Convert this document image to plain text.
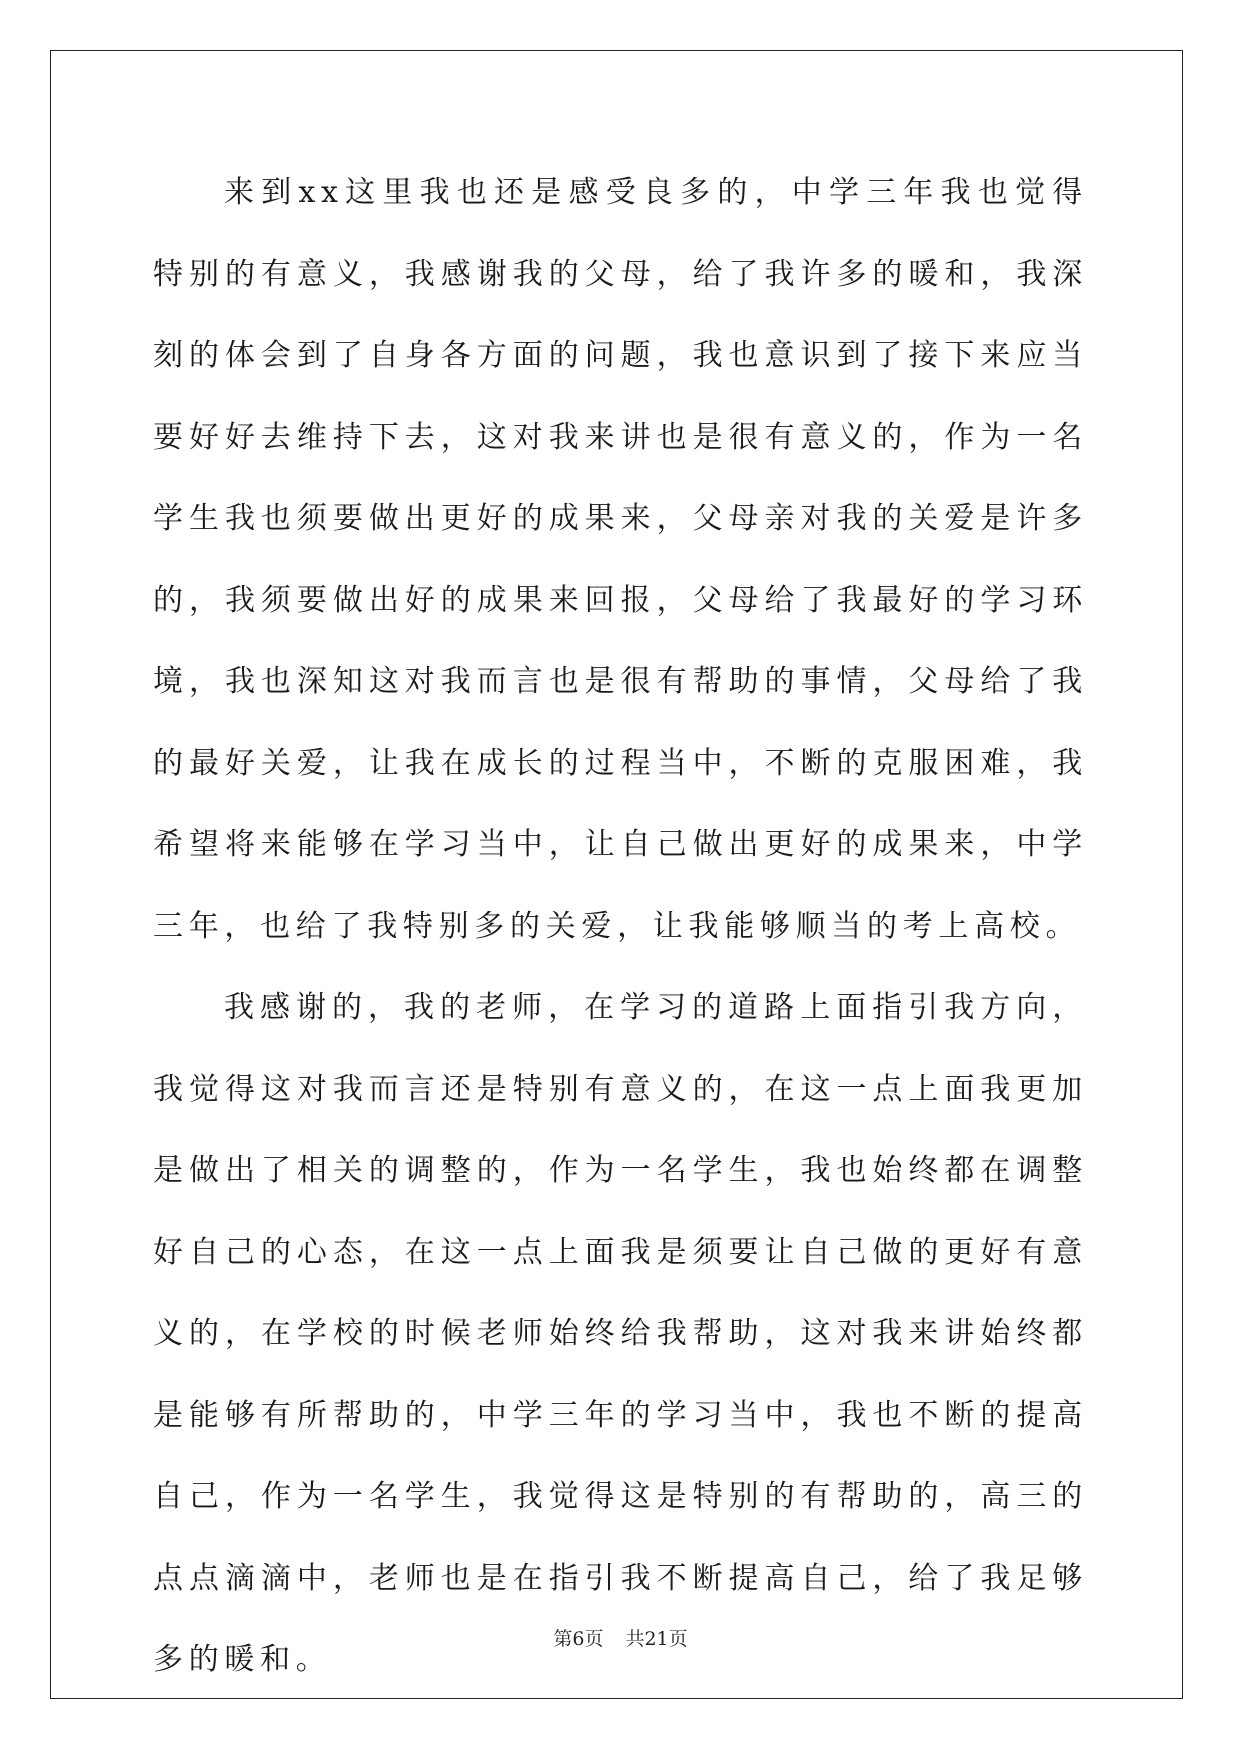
来到xx这里我也还是感受良多的，中学三年我也觉得特别的有意义，我感谢我的父母，给了我许多的暖和，我深刻的体会到了自身各方面的问题，我也意识到了接下来应当要好好去维持下去，这对我来讲也是很有意义的，作为一名学生我也须要做出更好的成果来，父母亲对我的关爱是许多的，我须要做出好的成果来回报，父母给了我最好的学习环境，我也深知这对我而言也是很有帮助的事情，父母给了我的最好关爱，让我在成长的过程当中，不断的克服困难，我希望将来能够在学习当中，让自己做出更好的成果来，中学三年，也给了我特别多的关爱，让我能够顺当的考上高校。

我感谢的，我的老师，在学习的道路上面指引我方向，我觉得这对我而言还是特别有意义的，在这一点上面我更加是做出了相关的调整的，作为一名学生，我也始终都在调整好自己的心态，在这一点上面我是须要让自己做的更好有意义的，在学校的时候老师始终给我帮助，这对我来讲始终都是能够有所帮助的，中学三年的学习当中，我也不断的提高自己，作为一名学生，我觉得这是特别的有帮助的，高三的点点滴滴中，老师也是在指引我不断提高自己，给了我足够多的暖和。

第6页 共21页
